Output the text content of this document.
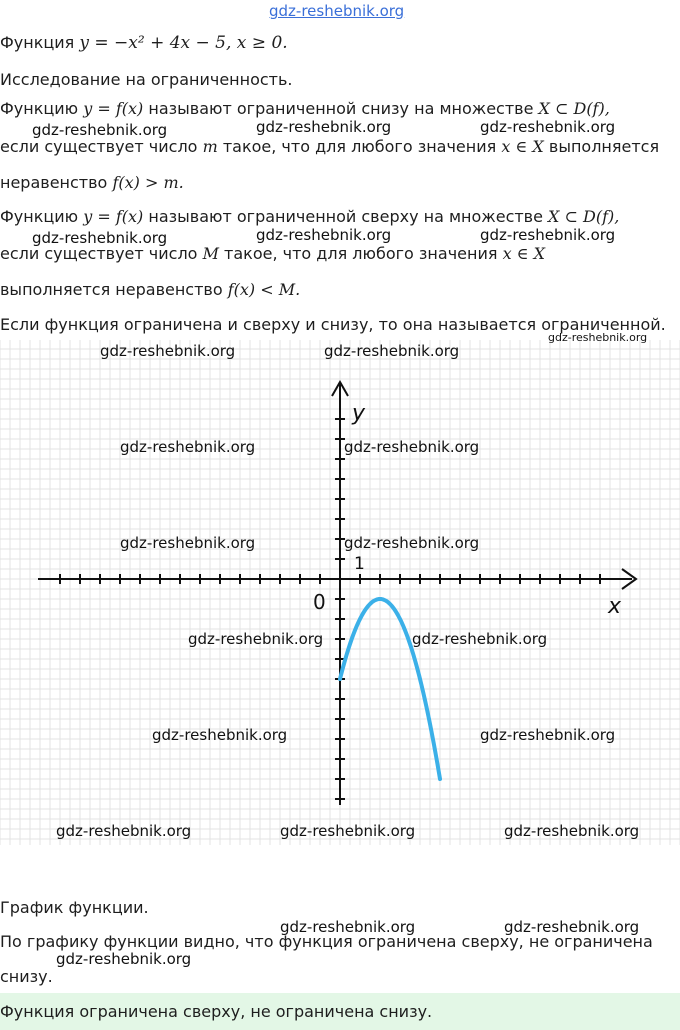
gdz-reshebnik.org
Функция y = −x² + 4x − 5, x ≥ 0.
Исследование на ограниченность.
Функцию y = f(x) называют ограниченной снизу на множестве X ⊂ D(f),
если существует число m такое, что для любого значения x ∈ X выполняется
неравенство f(x) > m.
Функцию y = f(x) называют ограниченной сверху на множестве X ⊂ D(f),
если существует число M такое, что для любого значения x ∈ X
выполняется неравенство f(x) < M.
Если функция ограничена и сверху и снизу, то она называется ограниченной.
1
0	x
y
График функции.
По графику функции видно, что функция ограничена сверху, не ограничена
снизу.
Функция ограничена сверху, не ограничена снизу.
gdz-reshebnik.org	gdz-reshebnik.org	gdz-reshebnik.org
gdz-reshebnik.org	gdz-reshebnik.org	gdz-reshebnik.org
gdz-reshebnik.org
gdz-reshebnik.org	gdz-reshebnik.org
gdz-reshebnik.org	gdz-reshebnik.org
gdz-reshebnik.org	gdz-reshebnik.org
gdz-reshebnik.org	gdz-reshebnik.org
gdz-reshebnik.org	gdz-reshebnik.org
gdz-reshebnik.org	gdz-reshebnik.org	gdz-reshebnik.org
gdz-reshebnik.org	gdz-reshebnik.org
gdz-reshebnik.org
